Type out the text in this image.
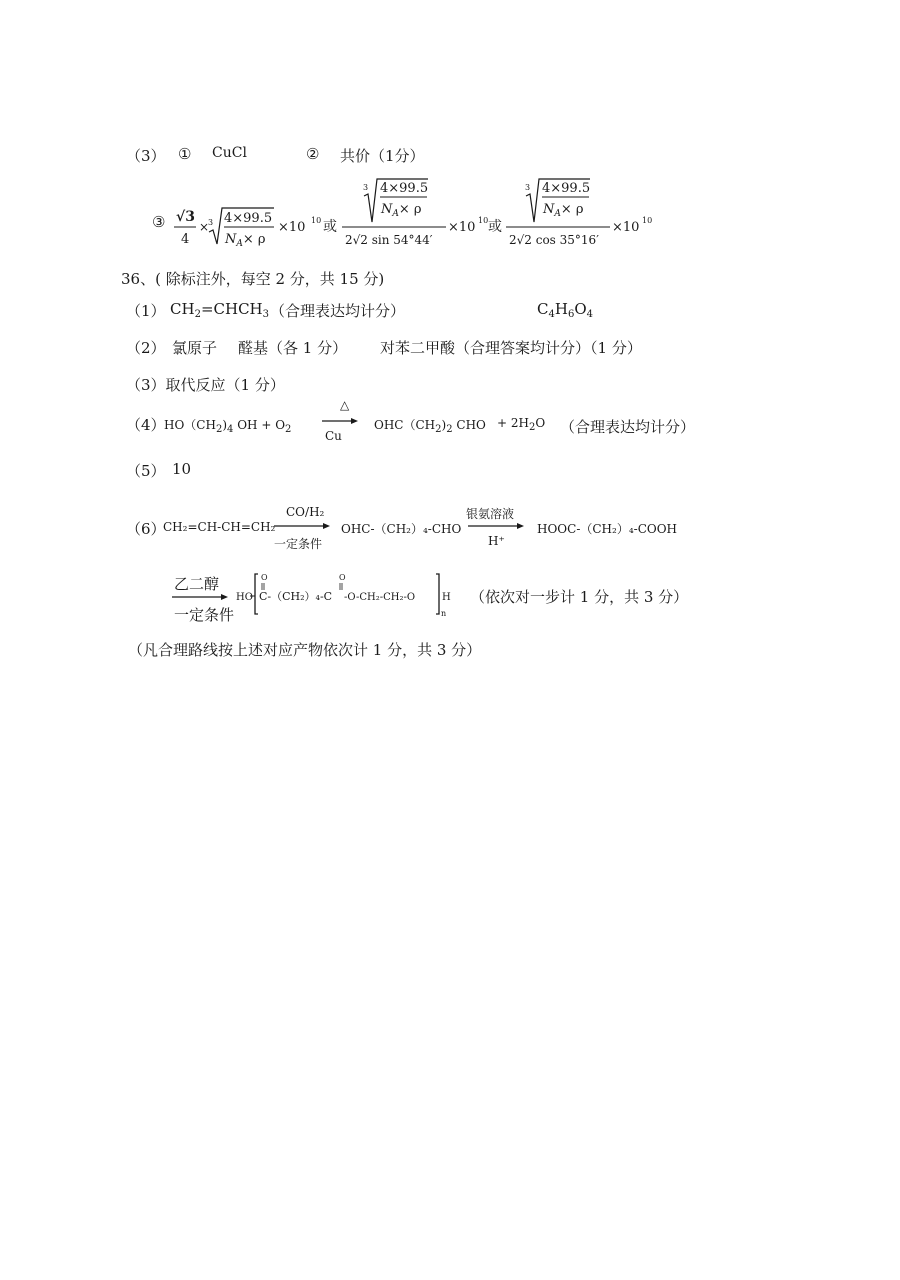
（3） ① CuCl	② 共价（1分）
③ √3
4
×
3 4×99.5
$N_A\times \rho$
×10 10 或
3 4×99.5
$N_A\times \rho$
2√2 sin 54°44′
×10 10 或
3 4×99.5
$N_A\times \rho$
2√2 cos 35°16′
×10 10
36、( 除标注外，每空 2 分，共 15 分)
（1） $CH_2=CHCH_3$ （合理表达均计分）	$C_4H_6O_4$
（2） 氯原子 醛基（各 1 分） 对苯二甲酸（合理答案均计分）（1 分）
（3）取代反应（1 分）
（4）
$HO(CH_2)_4$ OH + $O_2$
△
Cu
$OHC(CH_2)_2$ CHO + $2H_2O$ （合理表达均计分）
（5） 10
（6）
CH₂=CH-CH=CH₂
CO/H₂
一定条件
OHC-（CH₂）₄-CHO
银氨溶液
H⁺
HOOC-（CH₂）₄-COOH
乙二醇
一定条件
HO
O
C-（CH₂）₄-C
O
-O-CH₂-CH₂-O	H
n
（依次对一步计 1 分，共 3 分）
（凡合理路线按上述对应产物依次计 1 分，共 3 分）
